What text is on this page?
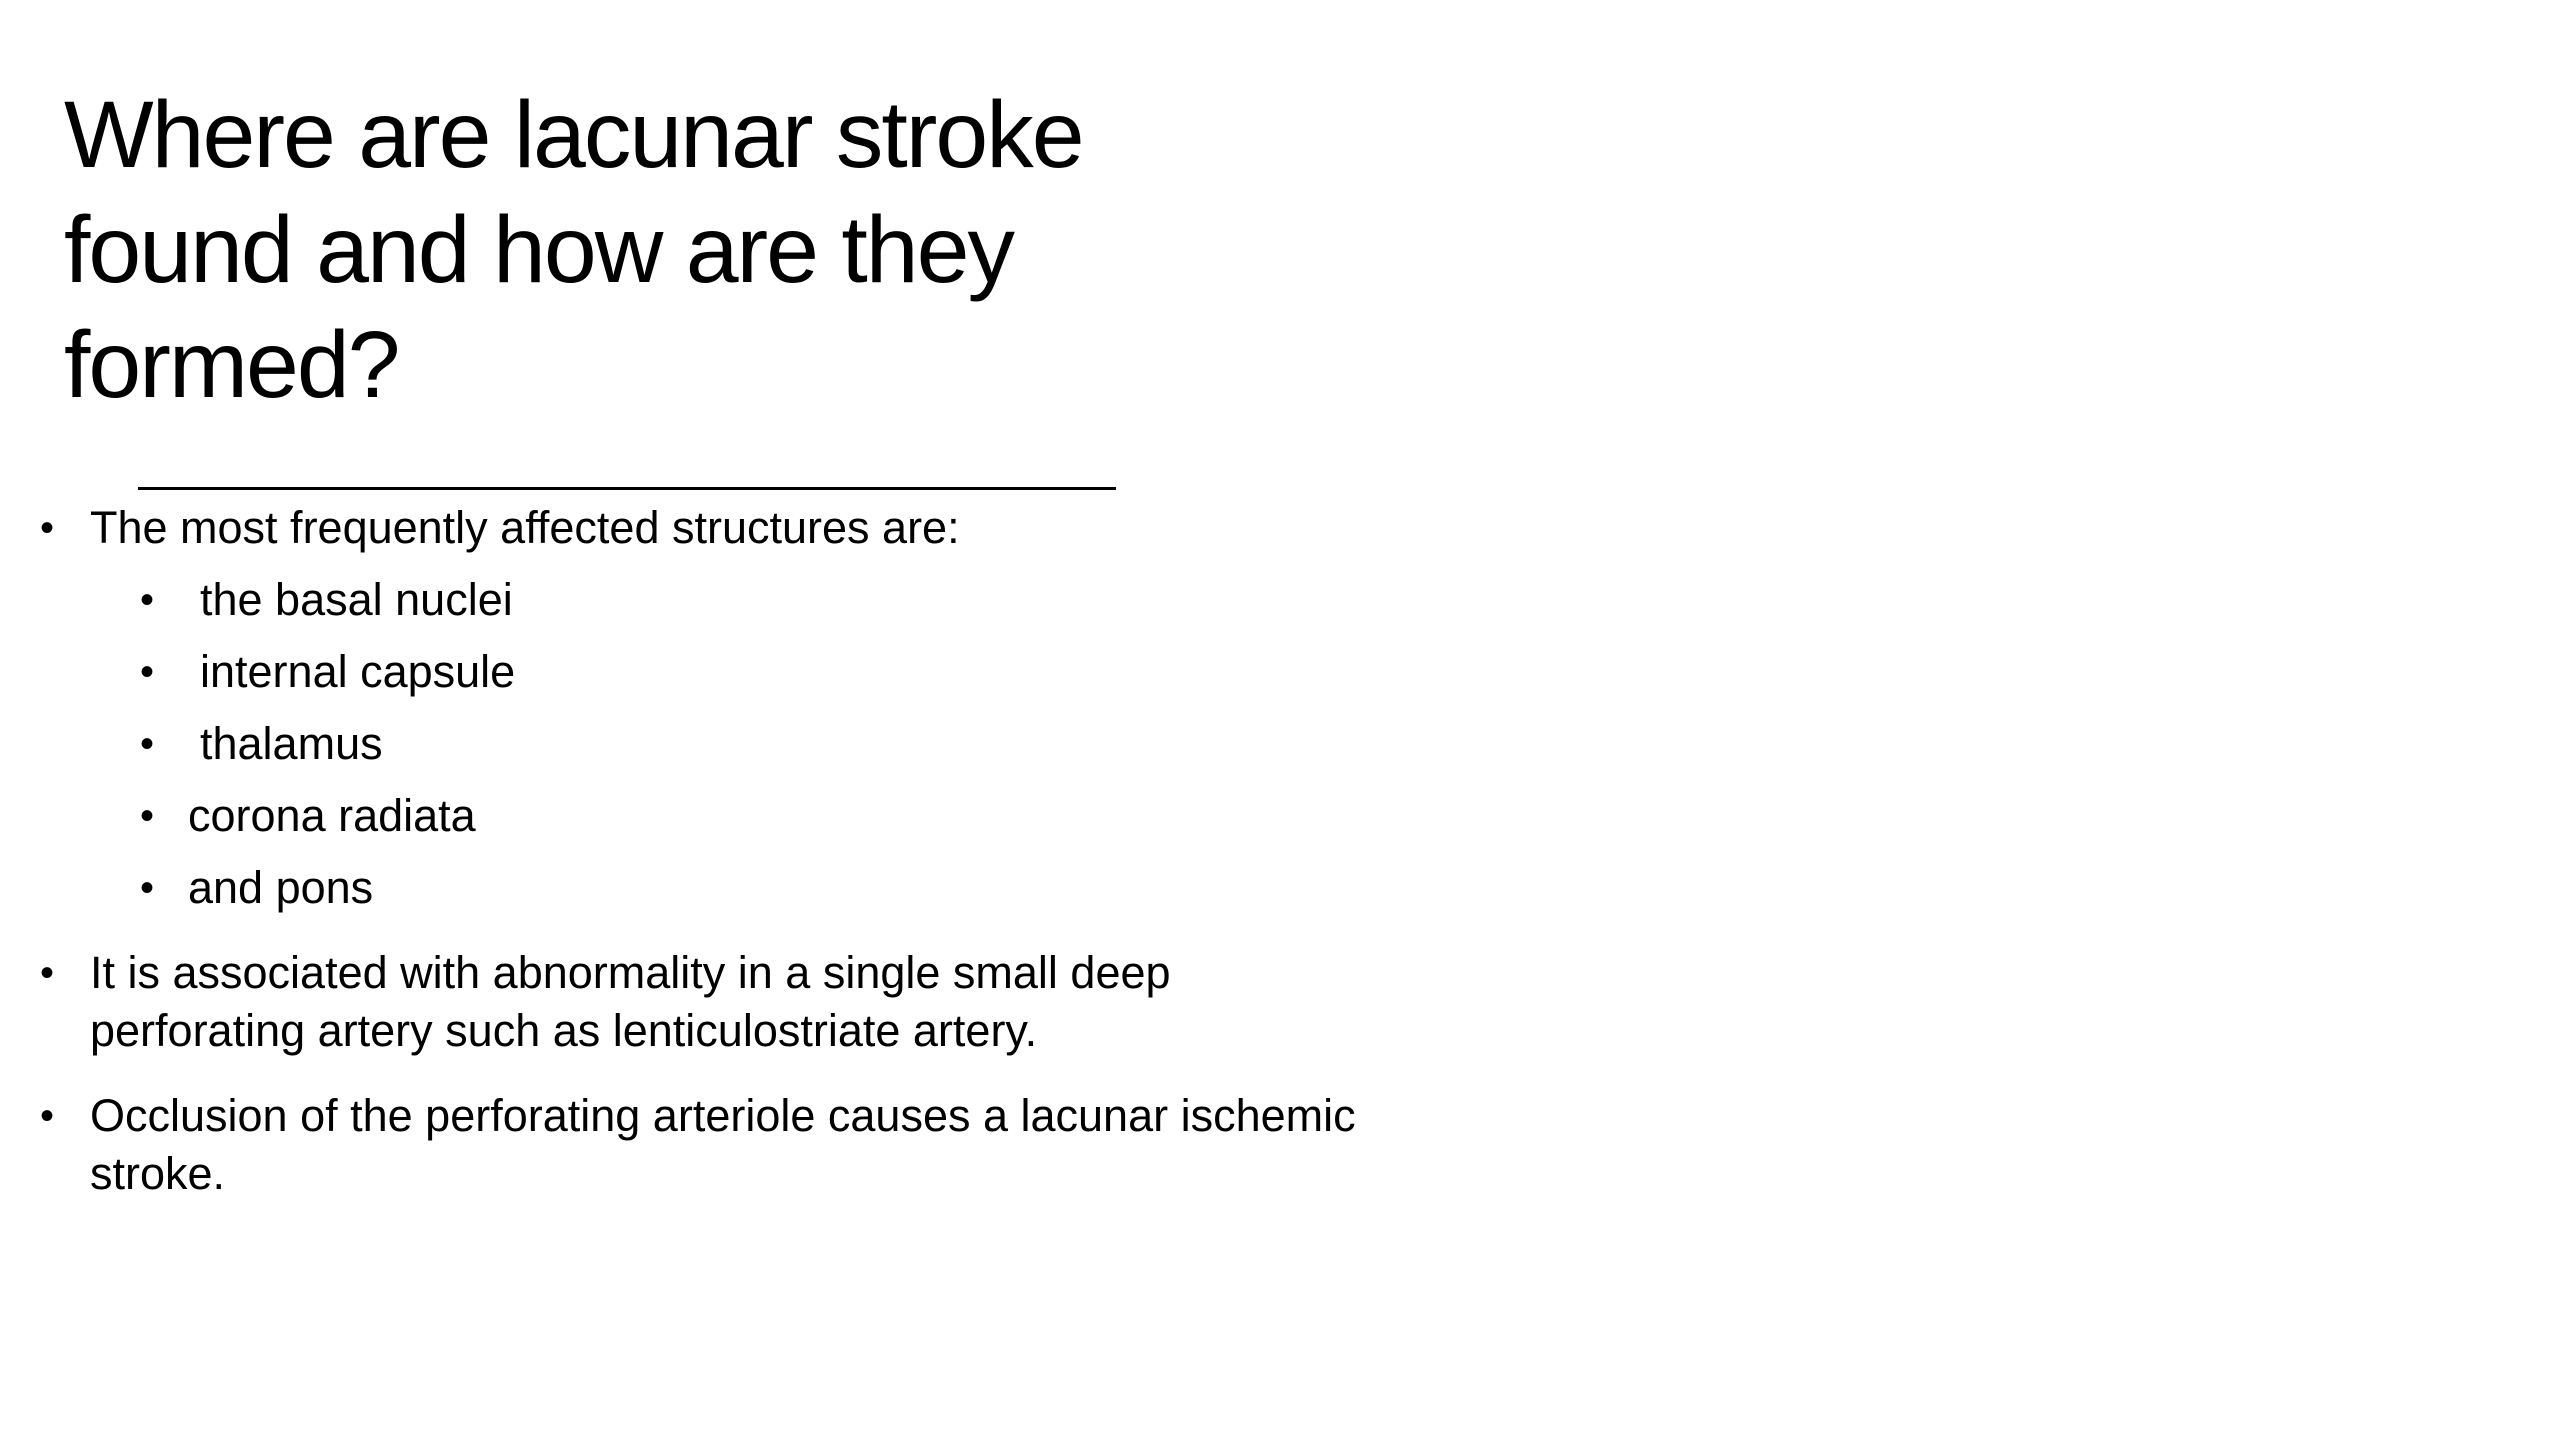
Where are lacunar stroke
found and how are they
formed?
• The most frequently affected structures are:
• the basal nuclei
• internal capsule
• thalamus
• corona radiata
• and pons
• It is associated with abnormality in a single small deep
perforating artery such as lenticulostriate artery.
• Occlusion of the perforating arteriole causes a lacunar ischemic
stroke.
